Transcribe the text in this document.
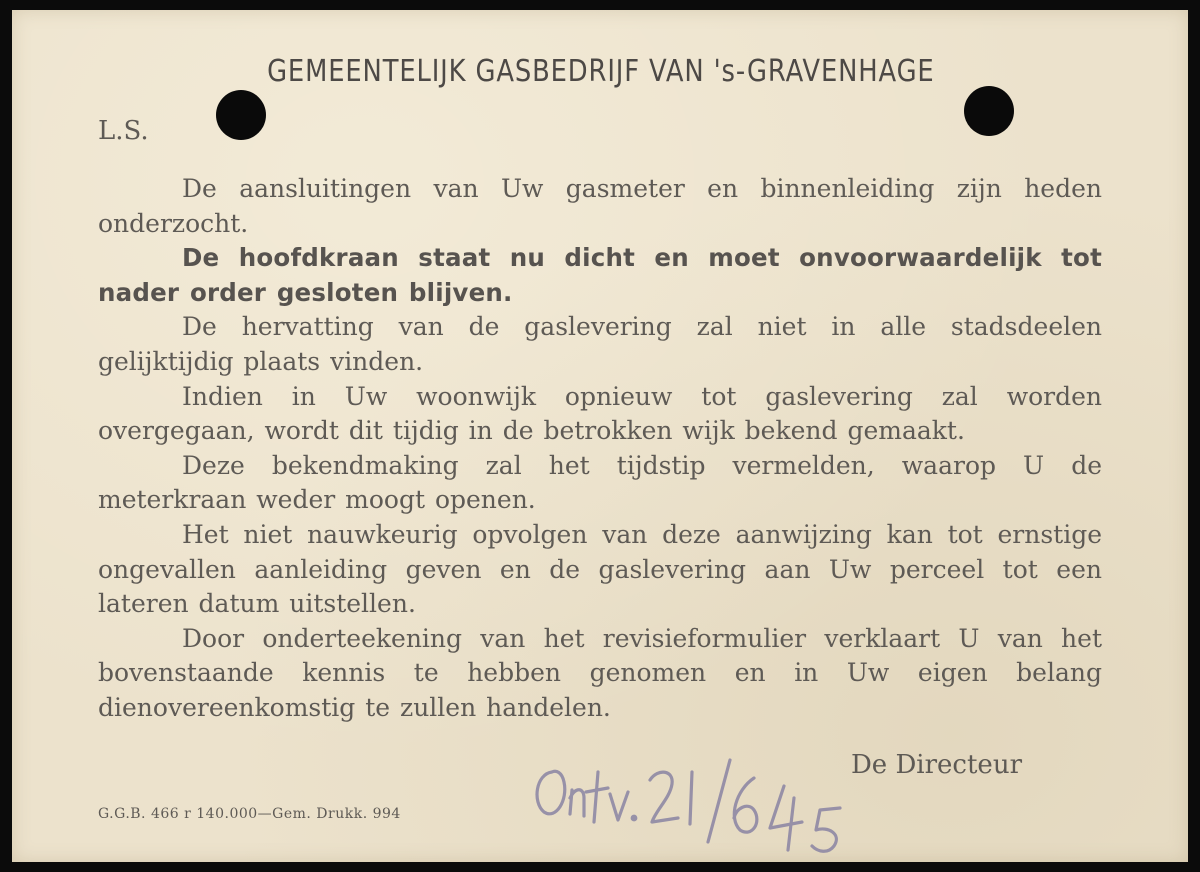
GEMEENTELIJK GASBEDRIJF VAN 's-GRAVENHAGE
L.S.

De aansluitingen van Uw gasmeter en binnenleiding zijn heden onderzocht.

De hoofdkraan staat nu dicht en moet onvoorwaardelijk tot nader order gesloten blijven.

De hervatting van de gaslevering zal niet in alle stadsdeelen gelijktijdig plaats vinden.

Indien in Uw woonwijk opnieuw tot gaslevering zal worden overgegaan, wordt dit tijdig in de betrokken wijk bekend gemaakt.

Deze bekendmaking zal het tijdstip vermelden, waarop U de meterkraan weder moogt openen.

Het niet nauwkeurig opvolgen van deze aanwijzing kan tot ernstige ongevallen aanleiding geven en de gaslevering aan Uw perceel tot een lateren datum uitstellen.

Door onderteekening van het revisieformulier verklaart U van het bovenstaande kennis te hebben genomen en in Uw eigen belang dienovereenkomstig te zullen handelen.

De Directeur
G.G.B. 466 r 140.000—Gem. Drukk. 994
